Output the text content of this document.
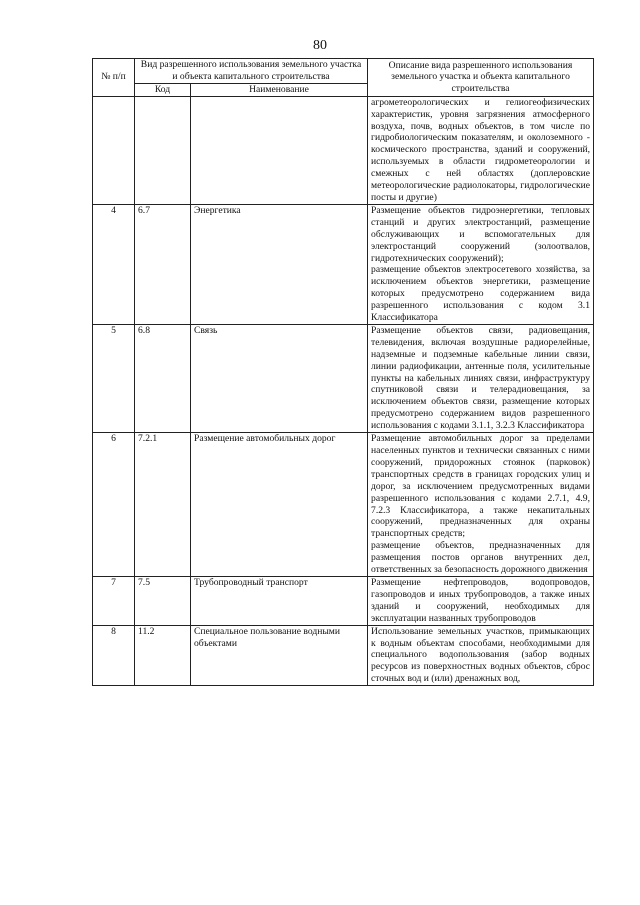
80
№ п/п	Вид разрешенного использования земельного участка и объекта капитального строительства		Описание вида разрешенного использования земельного участка и объекта капитального строительства
	Код	Наименование	

			агрометеорологических и гелиогеофизических характеристик, уровня загрязнения атмосферного воздуха, почв, водных объектов, в том числе по гидробиологическим показателям, и околоземного - космического пространства, зданий и сооружений, используемых в области гидрометеорологии и смежных с ней областях (доплеровские метеорологические радиолокаторы, гидрологические посты и другие)

4	6.7	Энергетика	Размещение объектов гидроэнергетики, тепловых станций и других электростанций, размещение обслуживающих и вспомогательных для электростанций сооружений (золоотвалов, гидротехнических сооружений);
размещение объектов электросетевого хозяйства, за исключением объектов энергетики, размещение которых предусмотрено содержанием вида разрешенного использования с кодом 3.1 Классификатора

5	6.8	Связь	Размещение объектов связи, радиовещания, телевидения, включая воздушные радиорелейные, надземные и подземные кабельные линии связи, линии радиофикации, антенные поля, усилительные пункты на кабельных линиях связи, инфраструктуру спутниковой связи и телерадиовещания, за исключением объектов связи, размещение которых предусмотрено содержанием видов разрешенного использования с кодами 3.1.1, 3.2.3 Классификатора

6	7.2.1	Размещение автомобильных дорог	Размещение автомобильных дорог за пределами населенных пунктов и технически связанных с ними сооружений, придорожных стоянок (парковок) транспортных средств в границах городских улиц и дорог, за исключением предусмотренных видами разрешенного использования с кодами 2.7.1, 4.9, 7.2.3 Классификатора, а также некапитальных сооружений, предназначенных для охраны транспортных средств;
размещение объектов, предназначенных для размещения постов органов внутренних дел, ответственных за безопасность дорожного движения

7	7.5	Трубопроводный транспорт	Размещение нефтепроводов, водопроводов, газопроводов и иных трубопроводов, а также иных зданий и сооружений, необходимых для эксплуатации названных трубопроводов

8	11.2	Специальное пользование водными объектами	Использование земельных участков, примыкающих к водным объектам способами, необходимыми для специального водопользования (забор водных ресурсов из поверхностных водных объектов, сброс сточных вод и (или) дренажных вод,
